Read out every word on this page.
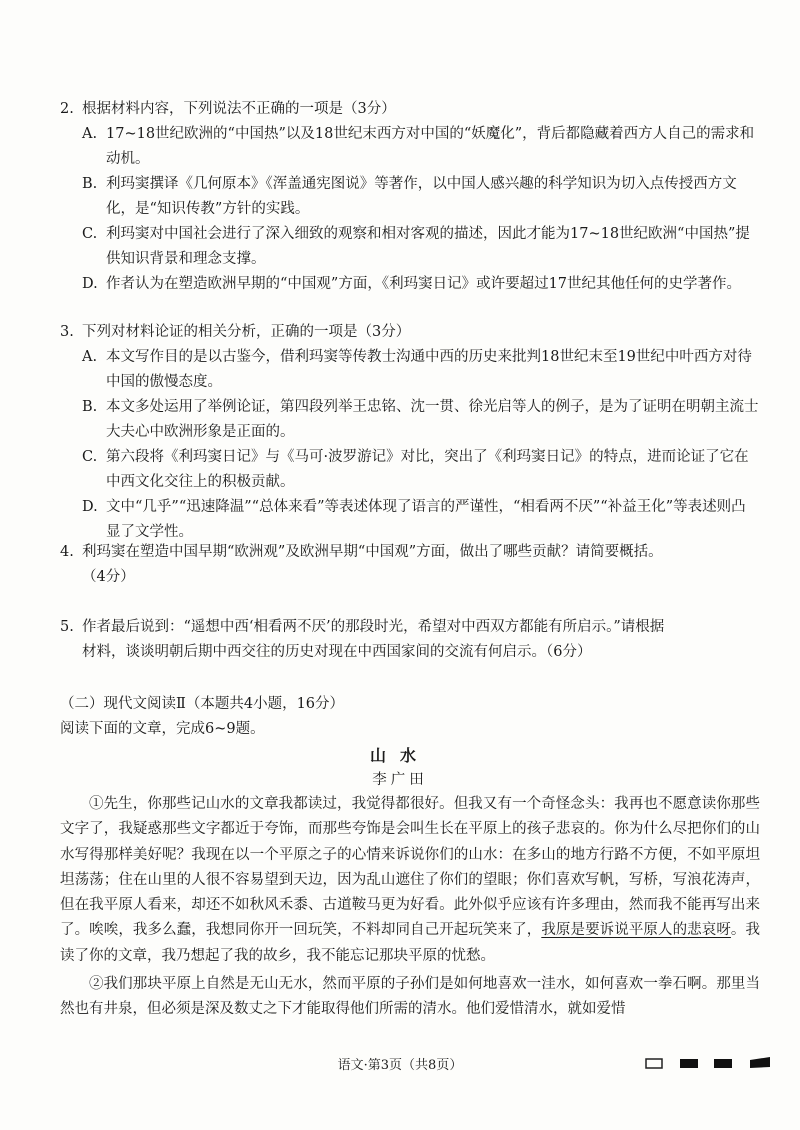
2. 根据材料内容，下列说法不正确的一项是（3分）
A. 17~18世纪欧洲的“中国热”以及18世纪末西方对中国的“妖魔化”，背后都隐藏着西方人自己的需求和动机。
B. 利玛窦撰译《几何原本》《浑盖通宪图说》等著作，以中国人感兴趣的科学知识为切入点传授西方文化，是“知识传教”方针的实践。
C. 利玛窦对中国社会进行了深入细致的观察和相对客观的描述，因此才能为17~18世纪欧洲“中国热”提供知识背景和理念支撑。
D. 作者认为在塑造欧洲早期的“中国观”方面，《利玛窦日记》或许要超过17世纪其他任何的史学著作。
3. 下列对材料论证的相关分析，正确的一项是（3分）
A. 本文写作目的是以古鉴今，借利玛窦等传教士沟通中西的历史来批判18世纪末至19世纪中叶西方对待中国的傲慢态度。
B. 本文多处运用了举例论证，第四段列举王忠铭、沈一贯、徐光启等人的例子，是为了证明在明朝主流士大夫心中欧洲形象是正面的。
C. 第六段将《利玛窦日记》与《马可·波罗游记》对比，突出了《利玛窦日记》的特点，进而论证了它在中西文化交往上的积极贡献。
D. 文中“几乎”“迅速降温”“总体来看”等表述体现了语言的严谨性，“相看两不厌”“补益王化”等表述则凸显了文学性。
4. 利玛窦在塑造中国早期“欧洲观”及欧洲早期“中国观”方面，做出了哪些贡献？请简要概括。
（4分）
5. 作者最后说到：“遥想中西‘相看两不厌’的那段时光，希望对中西双方都能有所启示。”请根据
材料，谈谈明朝后期中西交往的历史对现在中西国家间的交流有何启示。（6分）
（二）现代文阅读Ⅱ（本题共4小题，16分）
阅读下面的文章，完成6~9题。
山水
李广田

①先生，你那些记山水的文章我都读过，我觉得都很好。但我又有一个奇怪念头：我再也不愿意读你那些文字了，我疑惑那些文字都近于夸饰，而那些夸饰是会叫生长在平原上的孩子悲哀的。你为什么尽把你们的山水写得那样美好呢？我现在以一个平原之子的心情来诉说你们的山水：在多山的地方行路不方便，不如平原坦坦荡荡；住在山里的人很不容易望到天边，因为乱山遮住了你们的望眼；你们喜欢写帆，写桥，写浪花涛声，但在我平原人看来，却还不如秋风禾黍、古道鞍马更为好看。此外似乎应该有许多理由，然而我不能再写出来了。唉唉，我多么蠢，我想同你开一回玩笑，不料却同自己开起玩笑来了，我原是要诉说平原人的悲哀呀。我读了你的文章，我乃想起了我的故乡，我不能忘记那块平原的忧愁。

②我们那块平原上自然是无山无水，然而平原的子孙们是如何地喜欢一洼水，如何喜欢一拳石啊。那里当然也有井泉，但必须是深及数丈之下才能取得他们所需的清水。他们爱惜清水，就如爱惜

语文·第3页（共8页）
